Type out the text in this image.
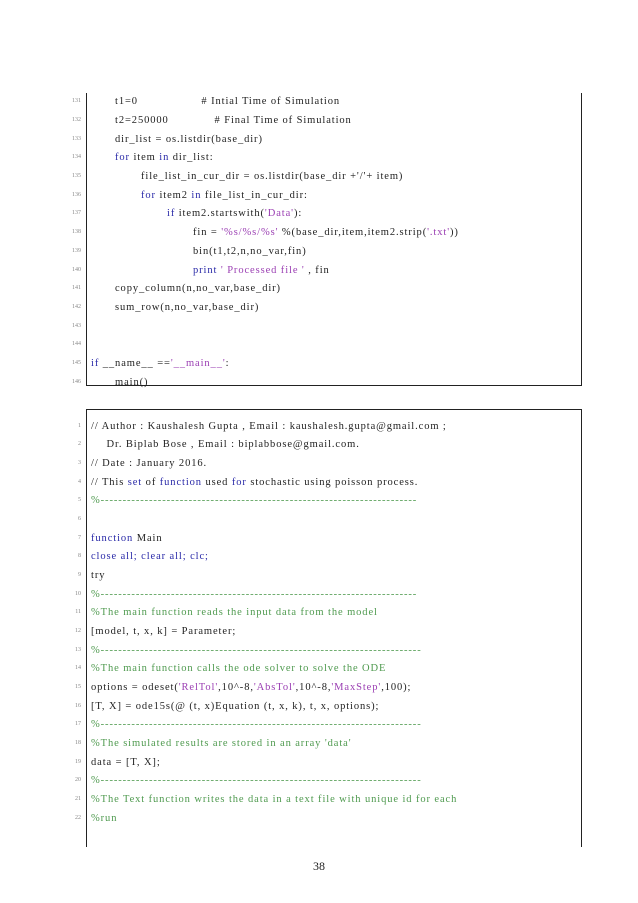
131	t1=0                  # Intial Time of Simulation
132	t2=250000             # Final Time of Simulation
133	dir_list = os.listdir(base_dir)
134	for item in dir_list:
135	file_list_in_cur_dir = os.listdir(base_dir +'/'+ item)
136	for item2 in file_list_in_cur_dir:
137	if item2.startswith('Data'):
138	fin = '%s/%s/%s' %(base_dir,item,item2.strip('.txt'))
139	bin(t1,t2,n,no_var,fin)
140	print ' Processed file ' , fin
141	copy_column(n,no_var,base_dir)
142	sum_row(n,no_var,base_dir)
143
144
145 if __name__ =='__main__':
146	main()
1 // Author : Kaushalesh Gupta , Email : kaushalesh.gupta@gmail.com ;
2 Dr. Biplab Bose , Email : biplabbose@gmail.com.
3 // Date : January 2016.
4 // This set of function used for stochastic using poisson process.
5 %------------------------------------------------------------------------
6
7 function Main
8 close all; clear all; clc;
9 try
10 %------------------------------------------------------------------------
11 %The main function reads the input data from the model
12 [model, t, x, k] = Parameter;
13 %-------------------------------------------------------------------------
14 %The main function calls the ode solver to solve the ODE
15 options = odeset('RelTol',10^-8,'AbsTol',10^-8,'MaxStep',100);
16 [T, X] = ode15s(@ (t, x)Equation (t, x, k), t, x, options);
17 %-------------------------------------------------------------------------
18 %The simulated results are stored in an array 'data'
19 data = [T, X];
20 %-------------------------------------------------------------------------
21 %The Text function writes the data in a text file with unique id for each
22 %run
38
